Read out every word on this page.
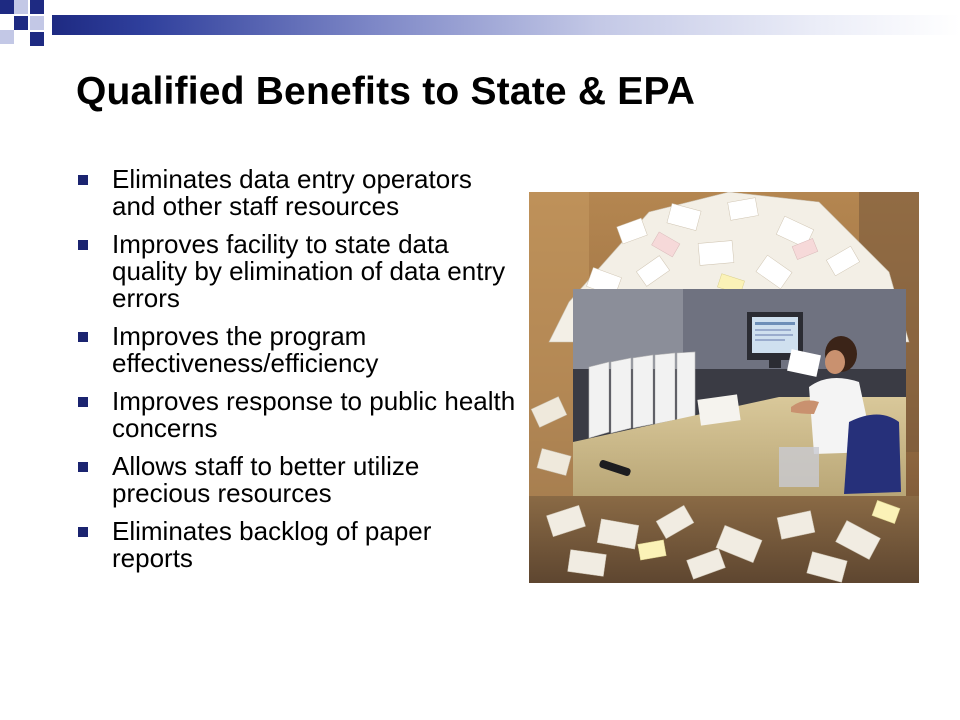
Qualified Benefits to State & EPA
Eliminates data entry operators and other staff resources
Improves facility to state data quality by elimination of data entry errors
Improves the program effectiveness/efficiency
Improves response to public health concerns
Allows staff to better utilize precious resources
Eliminates backlog of paper reports
